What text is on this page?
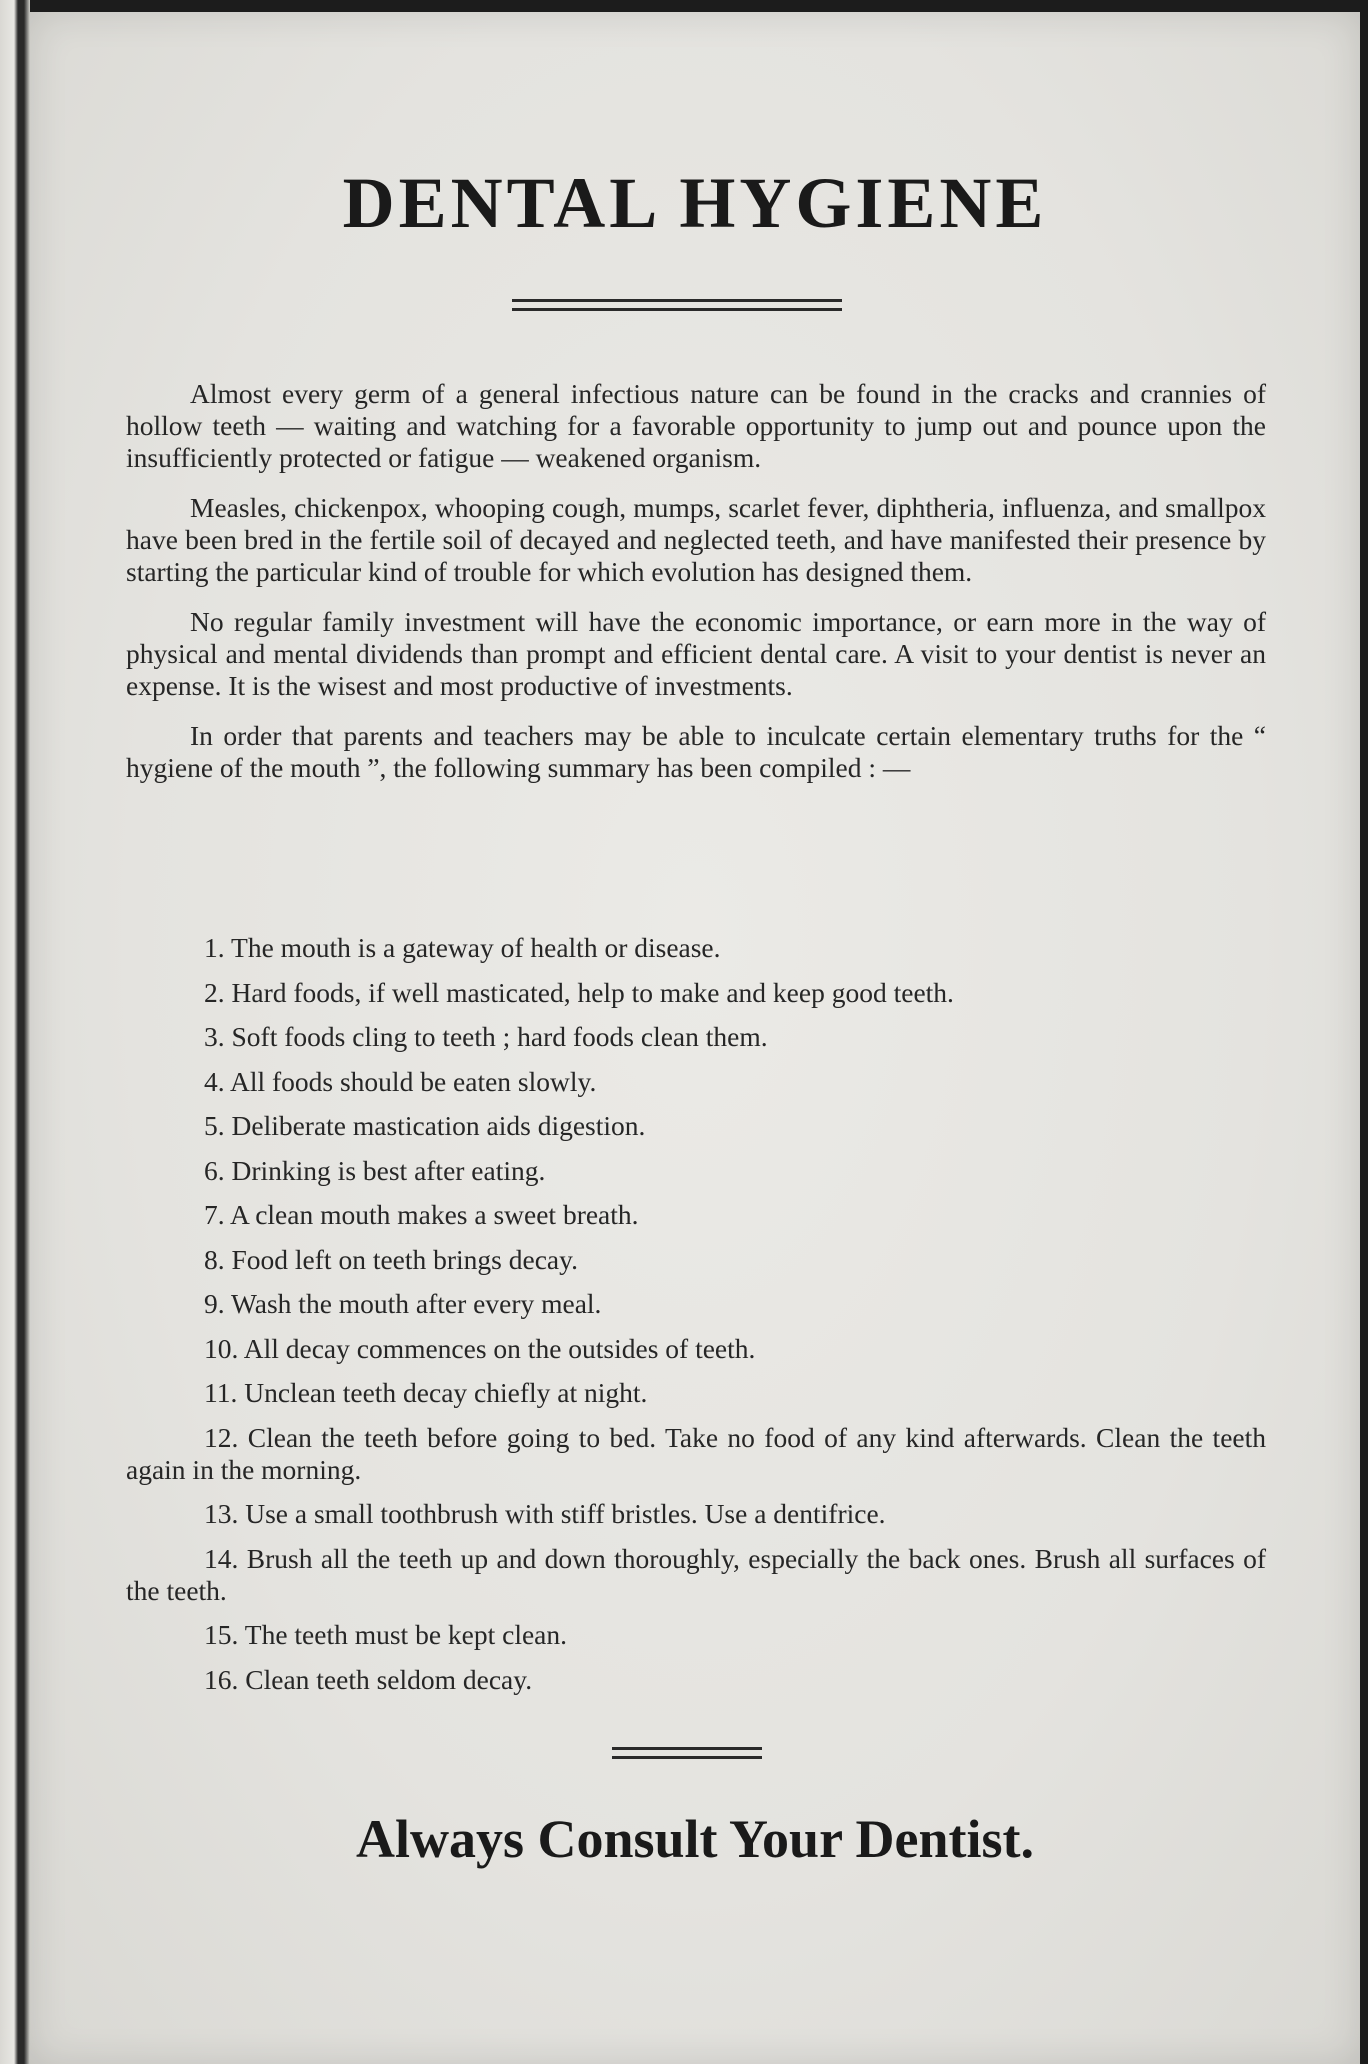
DENTAL HYGIENE

Almost every germ of a general infectious nature can be found in the cracks and crannies of hollow teeth — waiting and watching for a favorable opportunity to jump out and pounce upon the insufficiently protected or fatigue — weakened organism.

Measles, chickenpox, whooping cough, mumps, scarlet fever, diphtheria, influenza, and smallpox have been bred in the fertile soil of decayed and neglected teeth, and have manifested their presence by starting the particular kind of trouble for which evolution has designed them.

No regular family investment will have the economic importance, or earn more in the way of physical and mental dividends than prompt and efficient dental care. A visit to your dentist is never an expense. It is the wisest and most productive of investments.

In order that parents and teachers may be able to inculcate certain elementary truths for the “ hygiene of the mouth ”, the following summary has been compiled : —

1. The mouth is a gateway of health or disease.
2. Hard foods, if well masticated, help to make and keep good teeth.
3. Soft foods cling to teeth ; hard foods clean them.
4. All foods should be eaten slowly.
5. Deliberate mastication aids digestion.
6. Drinking is best after eating.
7. A clean mouth makes a sweet breath.
8. Food left on teeth brings decay.
9. Wash the mouth after every meal.
10. All decay commences on the outsides of teeth.
11. Unclean teeth decay chiefly at night.
12. Clean the teeth before going to bed. Take no food of any kind afterwards. Clean the teeth again in the morning.
13. Use a small toothbrush with stiff bristles. Use a dentifrice.
14. Brush all the teeth up and down thoroughly, especially the back ones. Brush all surfaces of the teeth.
15. The teeth must be kept clean.
16. Clean teeth seldom decay.
Always Consult Your Dentist.
